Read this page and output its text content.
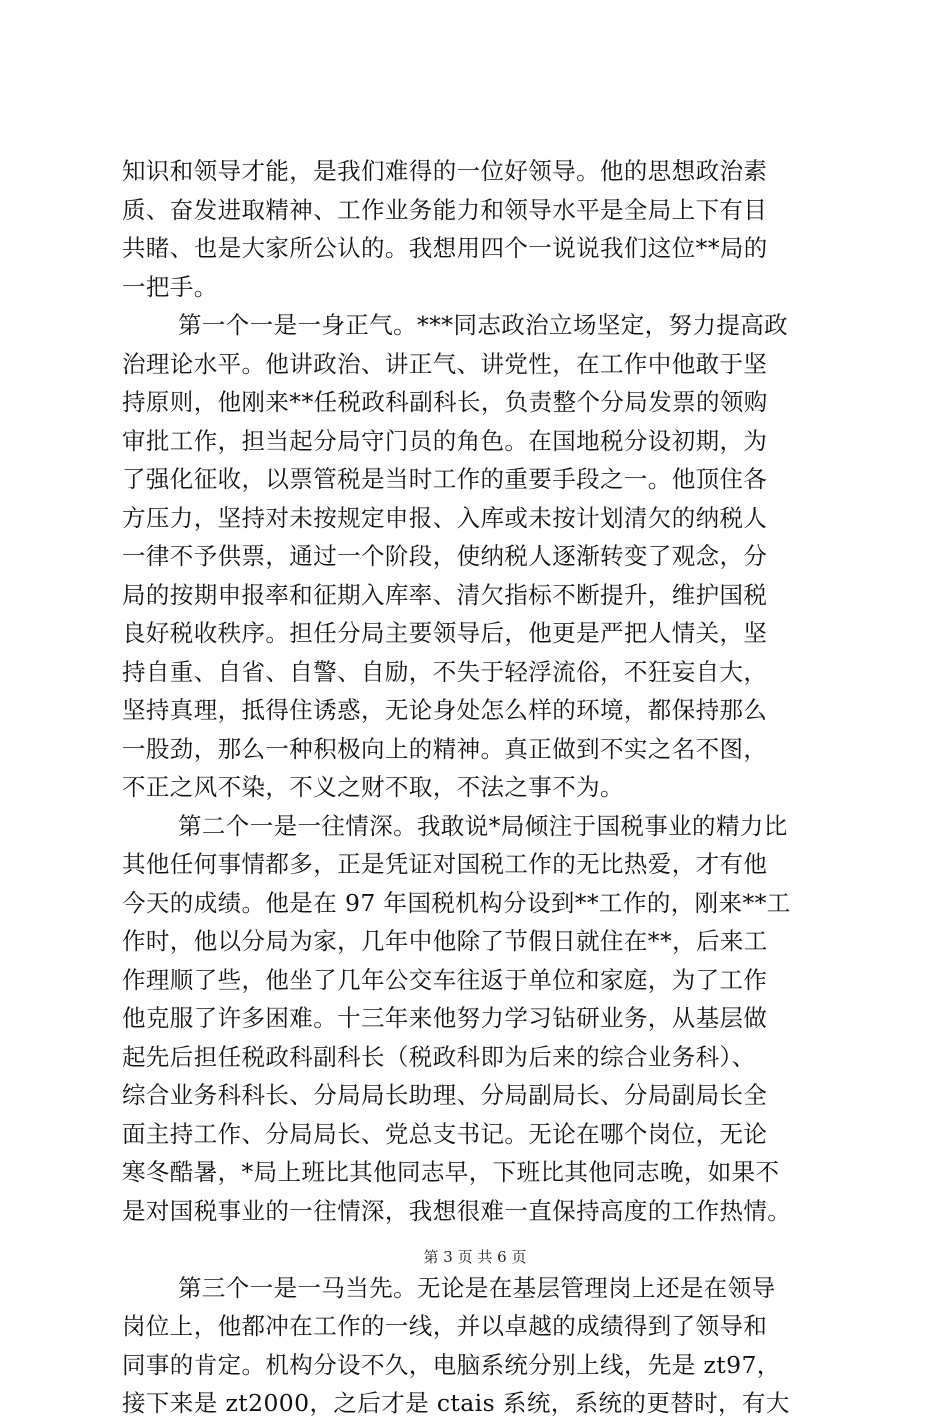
知识和领导才能，是我们难得的一位好领导。他的思想政治素
质、奋发进取精神、工作业务能力和领导水平是全局上下有目
共睹、也是大家所公认的。我想用四个一说说我们这位**局的
一把手。
第一个一是一身正气。***同志政治立场坚定，努力提高政
治理论水平。他讲政治、讲正气、讲党性，在工作中他敢于坚
持原则，他刚来**任税政科副科长，负责整个分局发票的领购
审批工作，担当起分局守门员的角色。在国地税分设初期，为
了强化征收，以票管税是当时工作的重要手段之一。他顶住各
方压力，坚持对未按规定申报、入库或未按计划清欠的纳税人
一律不予供票，通过一个阶段，使纳税人逐渐转变了观念，分
局的按期申报率和征期入库率、清欠指标不断提升，维护国税
良好税收秩序。担任分局主要领导后，他更是严把人情关，坚
持自重、自省、自警、自励，不失于轻浮流俗，不狂妄自大，
坚持真理，抵得住诱惑，无论身处怎么样的环境，都保持那么
一股劲，那么一种积极向上的精神。真正做到不实之名不图，
不正之风不染，不义之财不取，不法之事不为。
第二个一是一往情深。我敢说*局倾注于国税事业的精力比
其他任何事情都多，正是凭证对国税工作的无比热爱，才有他
今天的成绩。他是在 97 年国税机构分设到**工作的，刚来**工
作时，他以分局为家，几年中他除了节假日就住在**，后来工
作理顺了些，他坐了几年公交车往返于单位和家庭，为了工作
他克服了许多困难。十三年来他努力学习钻研业务，从基层做
起先后担任税政科副科长（税政科即为后来的综合业务科）、
综合业务科科长、分局局长助理、分局副局长、分局副局长全
面主持工作、分局局长、党总支书记。无论在哪个岗位，无论
寒冬酷暑，*局上班比其他同志早，下班比其他同志晚，如果不
是对国税事业的一往情深，我想很难一直保持高度的工作热情。
第三个一是一马当先。无论是在基层管理岗上还是在领导
岗位上，他都冲在工作的一线，并以卓越的成绩得到了领导和
同事的肯定。机构分设不久，电脑系统分别上线，先是 zt97，
接下来是 zt2000，之后才是 ctais 系统，系统的更替时，有大
第 3 页 共 6 页
